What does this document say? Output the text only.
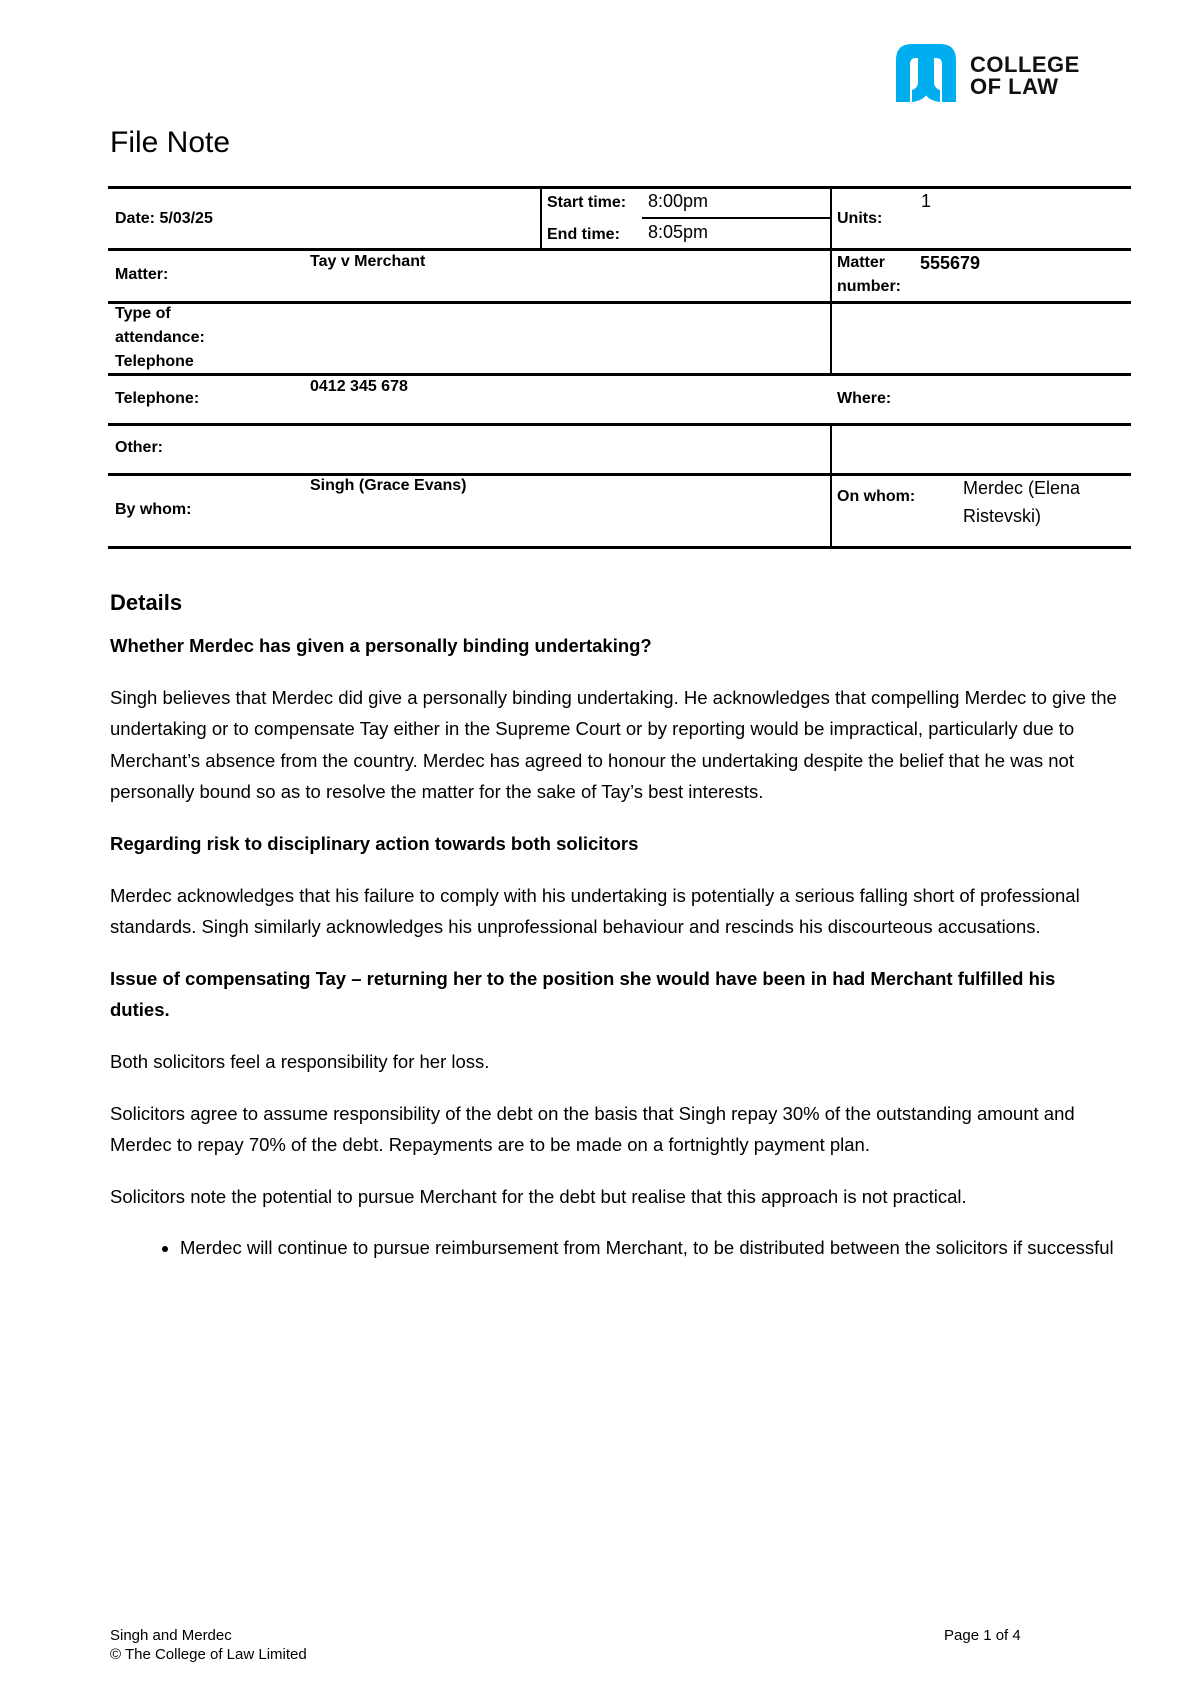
COLLEGE
OF LAW
File Note
Date: 5/03/25
Start time: 8:00pm
End time: 8:05pm
Units:
1
Matter:
Tay v Merchant	Matter
number:
555679
Type of
attendance:
Telephone
Telephone:
0412 345 678
Where:
Other:
By whom:
Singh (Grace Evans)
On whom:	Merdec (Elena Ristevski)
Details

Whether Merdec has given a personally binding undertaking?

Singh believes that Merdec did give a personally binding undertaking. He acknowledges that compelling Merdec to give the undertaking or to compensate Tay either in the Supreme Court or by reporting would be impractical, particularly due to Merchant’s absence from the country. Merdec has agreed to honour the undertaking despite the belief that he was not personally bound so as to resolve the matter for the sake of Tay’s best interests.

Regarding risk to disciplinary action towards both solicitors

Merdec acknowledges that his failure to comply with his undertaking is potentially a serious falling short of professional standards. Singh similarly acknowledges his unprofessional behaviour and rescinds his discourteous accusations.

Issue of compensating Tay – returning her to the position she would have been in had Merchant fulfilled his duties.

Both solicitors feel a responsibility for her loss.

Solicitors agree to assume responsibility of the debt on the basis that Singh repay 30% of the outstanding amount and Merdec to repay 70% of the debt. Repayments are to be made on a fortnightly payment plan.

Solicitors note the potential to pursue Merchant for the debt but realise that this approach is not practical.

• Merdec will continue to pursue reimbursement from Merchant, to be distributed between the solicitors if successful
Singh and Merdec
© The College of Law Limited
Page 1 of 4
